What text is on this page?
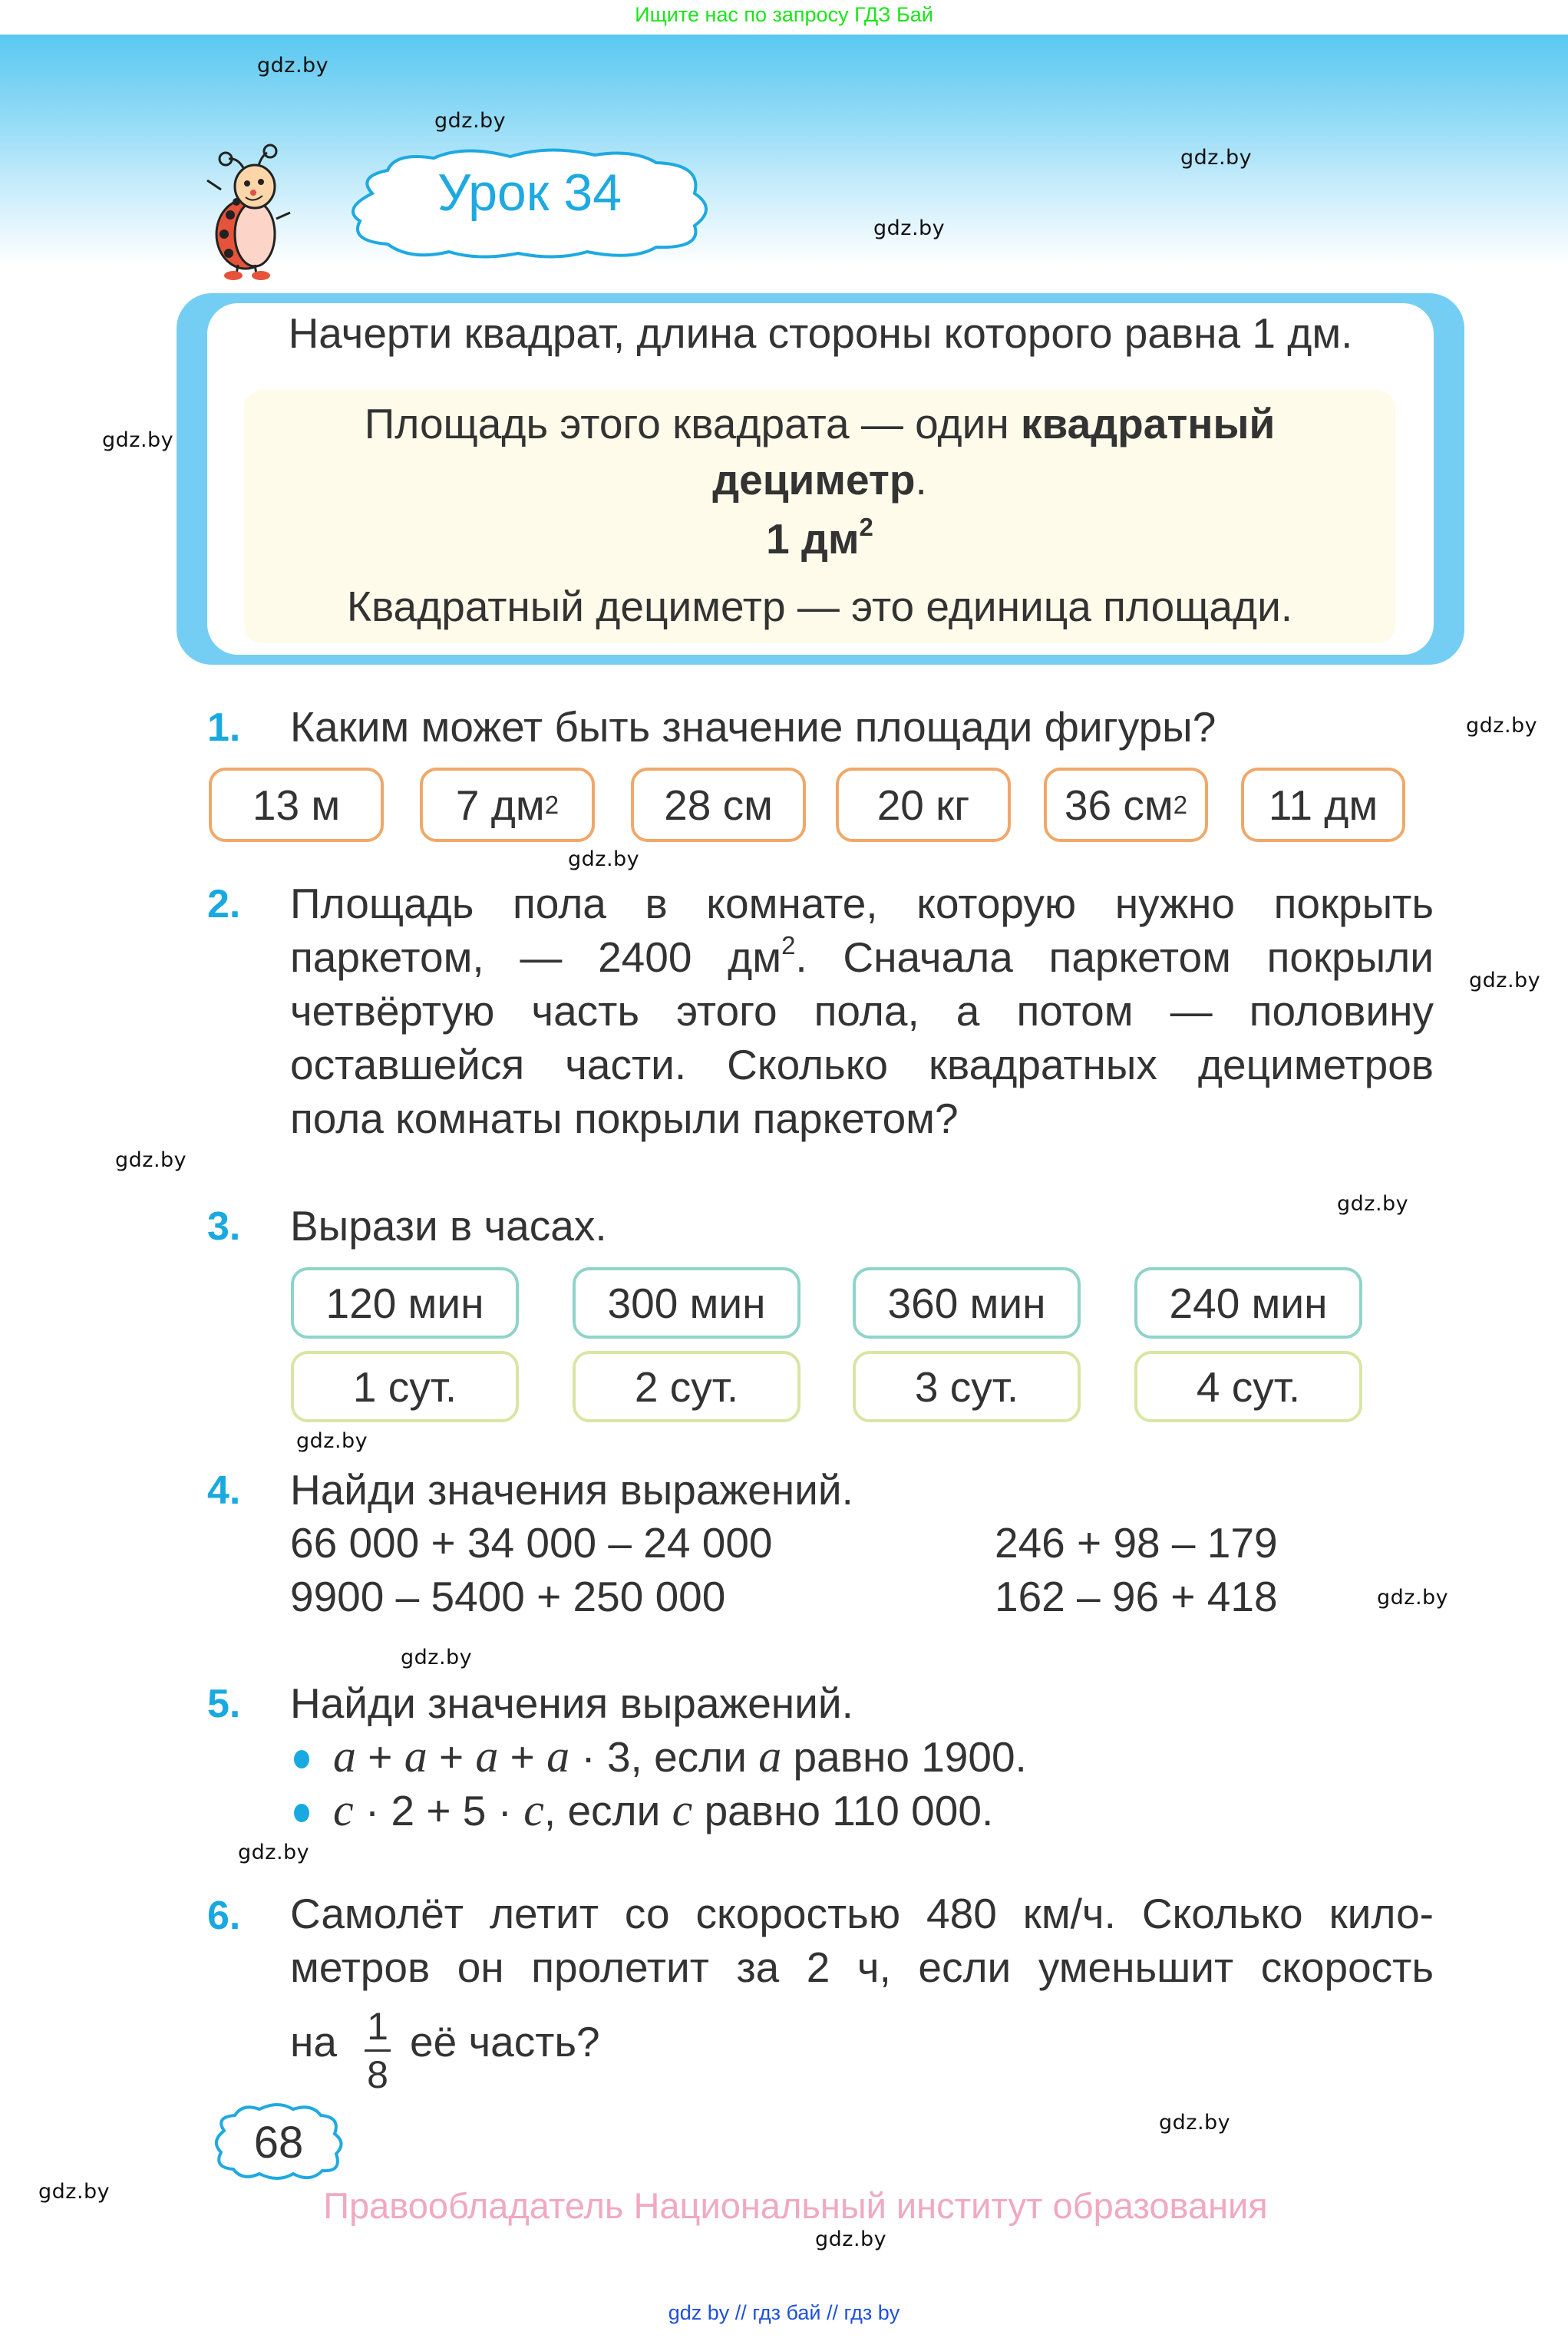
Ищите нас по запросу ГДЗ Бай
gdz.by
gdz.by
gdz.by
gdz.by
gdz.by
gdz.by
gdz.by
gdz.by
gdz.by
gdz.by
gdz.by
gdz.by
gdz.by
gdz.by
gdz.by
gdz.by
gdz.by
Урок 34
Начерти квадрат, длина стороны которого равна 1 дм.
Площадь этого квадрата — один квадратный
дециметр.
1 $дм^2$
Квадратный дециметр — это единица площади.
1. Каким может быть значение площади фигуры?
13 м	7 дм 2 28 см 20 кг 36 см 2 11 дм
2. Площадь пола в комнате, которую нужно покрыть
паркетом, — 2400 $дм^2$. Сначала паркетом покрыли
четвёртую часть этого пола, а потом — половину
оставшейся части. Сколько квадратных дециметров
пола комнаты покрыли паркетом?
3. Вырази в часах.
120 мин	300 мин	360 мин	240 мин
1 сут.	2 сут.	3 сут.	4 сут.
4. Найди значения выражений.
66 000 + 34 000 – 24 000
9900 – 5400 + 250 000
246 + 98 – 179
162 – 96 + 418
5. Найди значения выражений.
a + a + a + a · 3, если a равно 1900.
c · 2 + 5 · c, если c равно 110 000.
6. Самолёт летит со скоростью 480 км/ч. Сколько кило-
метров он пролетит за 2 ч, если уменьшит скорость
на 1
8
её часть?
68
Правообладатель Национальный институт образования
gdz by // гдз бай // гдз by
